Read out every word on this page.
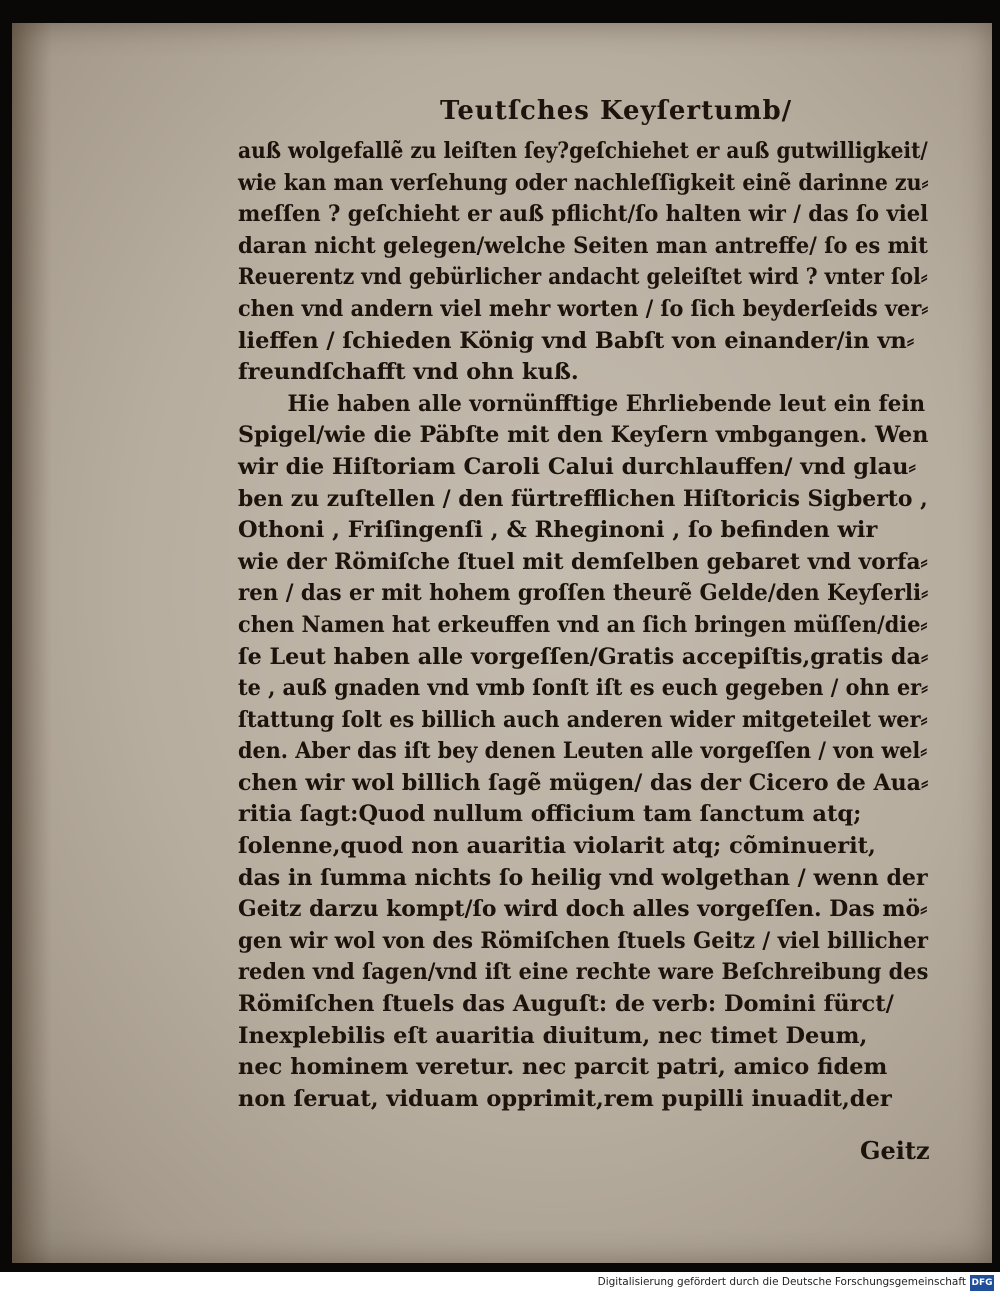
Teutſches Keyſertumb/
auß wolgefallẽ zu leiſten ſey?geſchiehet er auß gutwilligkeit/
wie kan man verſehung oder nachleſſigkeit einẽ darinne zu⸗
meſſen ? geſchieht er auß pflicht/ſo halten wir / das ſo viel
daran nicht gelegen/welche Seiten man antreffe/ ſo es mit
Reuerentz vnd gebürlicher andacht geleiſtet wird ? vnter ſol⸗
chen vnd andern viel mehr worten / ſo ſich beyderſeids ver⸗
lieffen / ſchieden König vnd Babſt von einander/in vn⸗
freundſchafft vnd ohn kuß.
Hie haben alle vornünfftige Ehrliebende leut ein fein
Spigel/wie die Päbſte mit den Keyſern vmbgangen. Wen
wir die Hiſtoriam Caroli Calui durchlauffen/ vnd glau⸗
ben zu zuſtellen / den fürtrefflichen Hiſtoricis Sigberto ,
Othoni , Friſingenſi , & Rheginoni , ſo befinden wir
wie der Römiſche ſtuel mit demſelben gebaret vnd vorfa⸗
ren / das er mit hohem groſſen theurẽ Gelde/den Keyſerli⸗
chen Namen hat erkeuffen vnd an ſich bringen müſſen/die⸗
ſe Leut haben alle vorgeſſen/Gratis accepiſtis,gratis da⸗
te , auß gnaden vnd vmb ſonſt iſt es euch gegeben / ohn er⸗
ſtattung ſolt es billich auch anderen wider mitgeteilet wer⸗
den. Aber das iſt bey denen Leuten alle vorgeſſen / von wel⸗
chen wir wol billich ſagẽ mügen/ das der Cicero de Aua⸗
ritia ſagt:Quod nullum officium tam ſanctum atq;
ſolenne,quod non auaritia violarit atq; cõminuerit,
das in ſumma nichts ſo heilig vnd wolgethan / wenn der
Geitz darzu kompt/ſo wird doch alles vorgeſſen. Das mö⸗
gen wir wol von des Römiſchen ſtuels Geitz / viel billicher
reden vnd ſagen/vnd iſt eine rechte ware Beſchreibung des
Römiſchen ſtuels das Auguſt: de verb: Domini fürct/
Inexplebilis eſt auaritia diuitum, nec timet Deum,
nec hominem veretur. nec parcit patri, amico fidem
non ſeruat, viduam opprimit,rem pupilli inuadit,der
Geitz
Digitalisierung gefördert durch die Deutsche Forschungsgemeinschaft DFG
